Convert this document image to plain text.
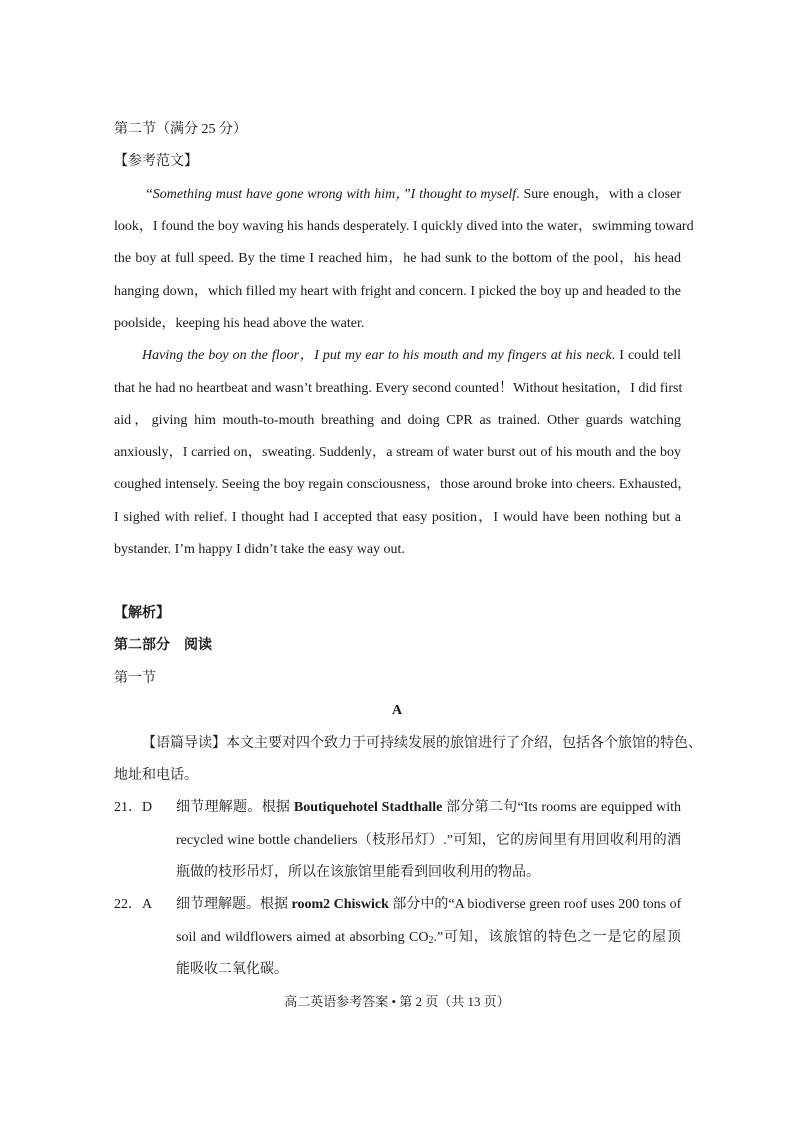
第二节（满分 25 分）
【参考范文】
“Something must have gone wrong with him，”I thought to myself. Sure enough，with a closer
look，I found the boy waving his hands desperately. I quickly dived into the water，swimming toward
the boy at full speed. By the time I reached him，he had sunk to the bottom of the pool，his head
hanging down，which filled my heart with fright and concern. I picked the boy up and headed to the
poolside，keeping his head above the water.
Having the boy on the floor，I put my ear to his mouth and my fingers at his neck. I could tell
that he had no heartbeat and wasn’t breathing. Every second counted！Without hesitation，I did first
aid，giving him mouth-to-mouth breathing and doing CPR as trained. Other guards watching
anxiously，I carried on，sweating. Suddenly，a stream of water burst out of his mouth and the boy
coughed intensely. Seeing the boy regain consciousness，those around broke into cheers. Exhausted，
I sighed with relief. I thought had I accepted that easy position，I would have been nothing but a
bystander. I’m happy I didn’t take the easy way out.
【解析】
第二部分　阅读
第一节
A
【语篇导读】本文主要对四个致力于可持续发展的旅馆进行了介绍，包括各个旅馆的特色、
地址和电话。
21．D 细节理解题。根据 Boutiquehotel Stadthalle 部分第二句“Its rooms are equipped with
recycled wine bottle chandeliers（枝形吊灯）.”可知，它的房间里有用回收利用的酒
瓶做的枝形吊灯，所以在该旅馆里能看到回收利用的物品。
22．A 细节理解题。根据 room2 Chiswick 部分中的“A biodiverse green roof uses 200 tons of
soil and wildflowers aimed at absorbing $CO_2$.”可知，该旅馆的特色之一是它的屋顶
能吸收二氧化碳。
高二英语参考答案 • 第 2 页（共 13 页）
